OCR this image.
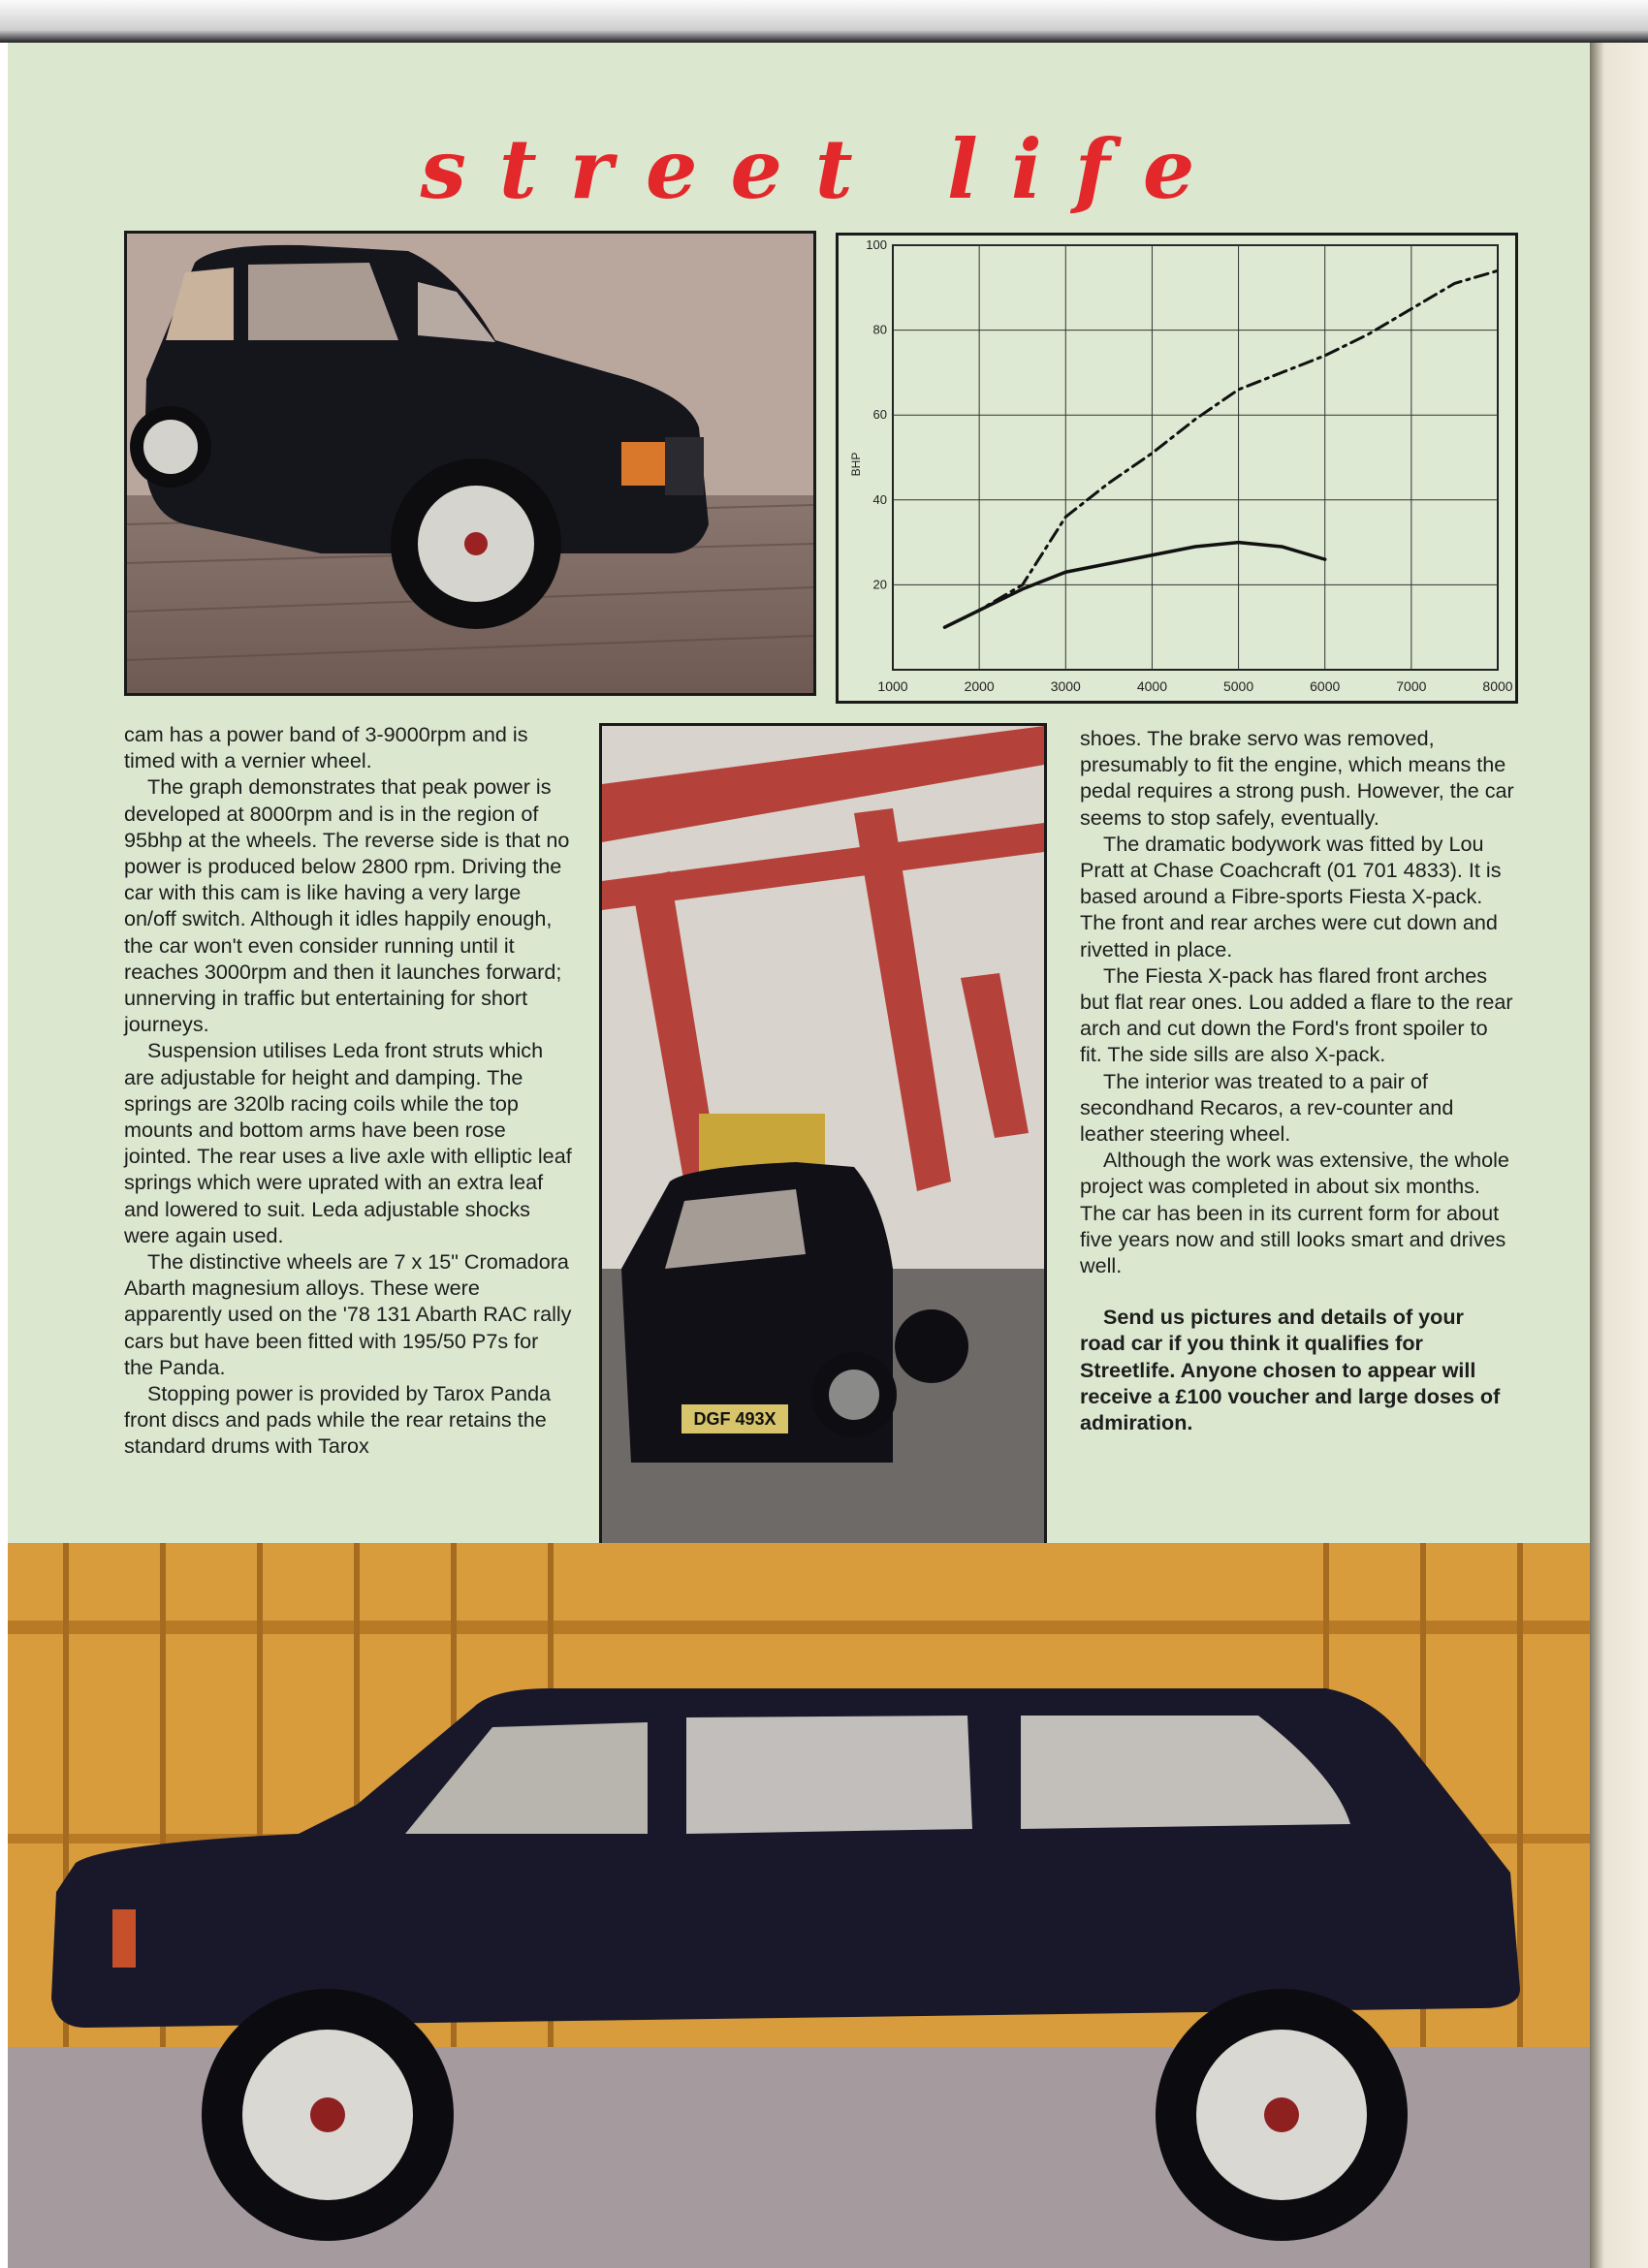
street life
1000	2000	3000	4000	5000	6000	7000	8000
20
40
60
80
100
BHP
DGF 493X

cam has a power band of 3-9000rpm and is timed with a vernier wheel.

The graph demonstrates that peak power is developed at 8000rpm and is in the region of 95bhp at the wheels. The reverse side is that no power is produced below 2800 rpm. Driving the car with this cam is like having a very large on/off switch. Although it idles happily enough, the car won't even consider running until it reaches 3000rpm and then it launches forward; unnerving in traffic but entertaining for short journeys.

Suspension utilises Leda front struts which are adjustable for height and damping. The springs are 320lb racing coils while the top mounts and bottom arms have been rose jointed. The rear uses a live axle with elliptic leaf springs which were uprated with an extra leaf and lowered to suit. Leda adjustable shocks were again used.

The distinctive wheels are 7 x 15" Cromadora Abarth magnesium alloys. These were apparently used on the '78 131 Abarth RAC rally cars but have been fitted with 195/50 P7s for the Panda.

Stopping power is provided by Tarox Panda front discs and pads while the rear retains the standard drums with Tarox

shoes. The brake servo was removed, presumably to fit the engine, which means the pedal requires a strong push. However, the car seems to stop safely, eventually.

The dramatic bodywork was fitted by Lou Pratt at Chase Coachcraft (01 701 4833). It is based around a Fibre-sports Fiesta X-pack. The front and rear arches were cut down and rivetted in place.

The Fiesta X-pack has flared front arches but flat rear ones. Lou added a flare to the rear arch and cut down the Ford's front spoiler to fit. The side sills are also X-pack.

The interior was treated to a pair of secondhand Recaros, a rev-counter and leather steering wheel.

Although the work was extensive, the whole project was completed in about six months. The car has been in its current form for about five years now and still looks smart and drives well.

Send us pictures and details of your road car if you think it qualifies for Streetlife. Anyone chosen to appear will receive a £100 voucher and large doses of admiration.
